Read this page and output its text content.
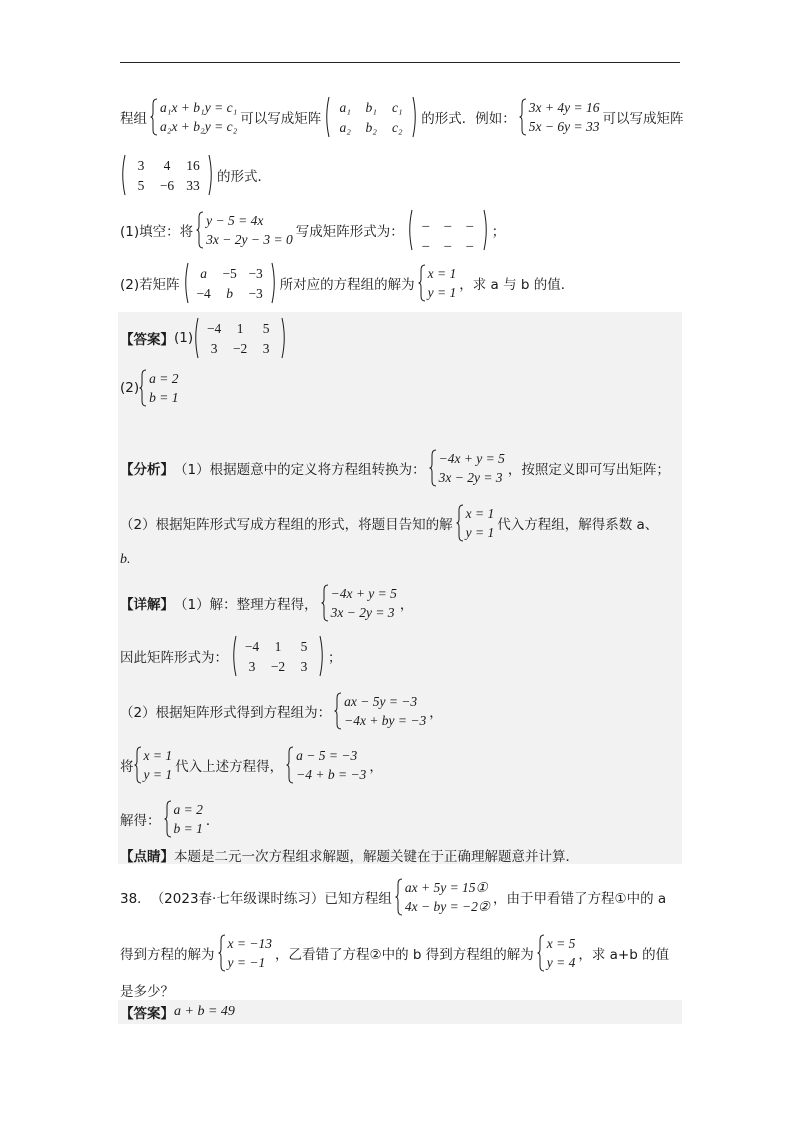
程组
a₁x + b₁y = c₁
a₂x + b₂y = c₂ 可以写成矩阵
a₁	b₁	c₁
a₂	b₂	c₂	的形式．例如：
3x + 4y = 16
5x − 6y = 33 可以写成矩阵
3	4	16
5	−6 33	的形式．
(1)填空：将
y − 5 = 4x
3x − 2y − 3 = 0 写成矩阵形式为：
_	_	_
_	_	_	；
(2)若矩阵
a	−5 −3
−4	b	−3	所对应的方程组的解为
x = 1
y = 1 ，求 a 与 b 的值．
【答案】 (1)
−4	1	5
3	−2	3
(2)
a = 2
b = 1
【分析】 （1）根据题意中的定义将方程组转换为：
−4x + y = 5
3x − 2y = 3 ，按照定义即可写出矩阵；
（2）根据矩阵形式写成方程组的形式，将题目告知的解
x = 1
y = 1 代入方程组，解得系数 a、
b.
【详解】 （1）解：整理方程得，
−4x + y = 5
3x − 2y = 3 ，
因此矩阵形式为：
−4	1	5
3	−2	3	；
（2）根据矩阵形式得到方程组为：
ax − 5y = −3
−4x + by = −3 ，
将
x = 1
y = 1 代入上述方程得，
a − 5 = −3
−4 + b = −3 ，
解得：
a = 2
b = 1 ．
【点睛】 本题是二元一次方程组求解题，解题关键在于正确理解题意并计算．
38． （2023春·七年级课时练习） 已知方程组
ax + 5y = 15①
4x − by = −2② ，由于甲看错了方程①中的 a
得到方程的解为
x = −13
y = −1 ，乙看错了方程②中的 b 得到方程组的解为
x = 5
y = 4 ，求 a+b 的值
是多少？
【答案】 a + b = 49
